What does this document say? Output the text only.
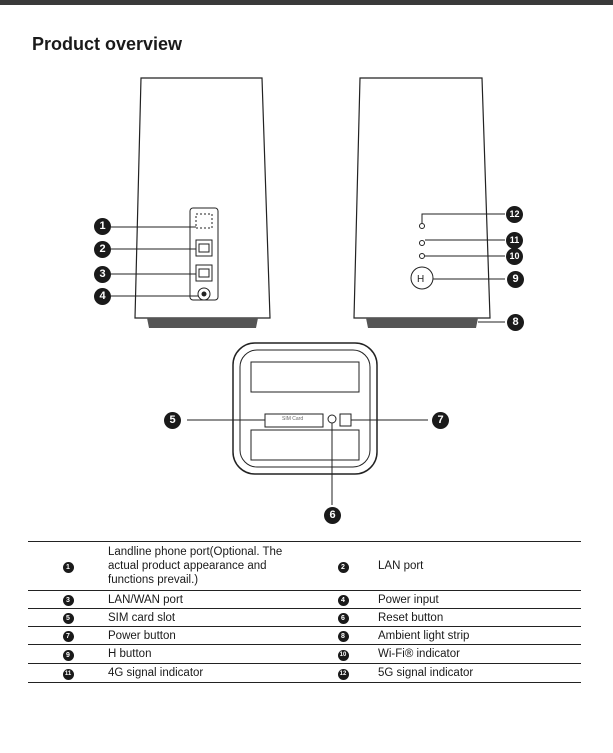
Product overview
H
SIM Card
1
2
3
4
5
6
7
8
9
10
11
12
1	Landline phone port(Optional. The actual product appearance and functions prevail.)	2	LAN port
3	LAN/WAN port	4	Power input
5	SIM card slot	6	Reset button
7	Power button	8	Ambient light strip
9	H button	10	Wi-Fi® indicator
11	4G signal indicator	12	5G signal indicator
